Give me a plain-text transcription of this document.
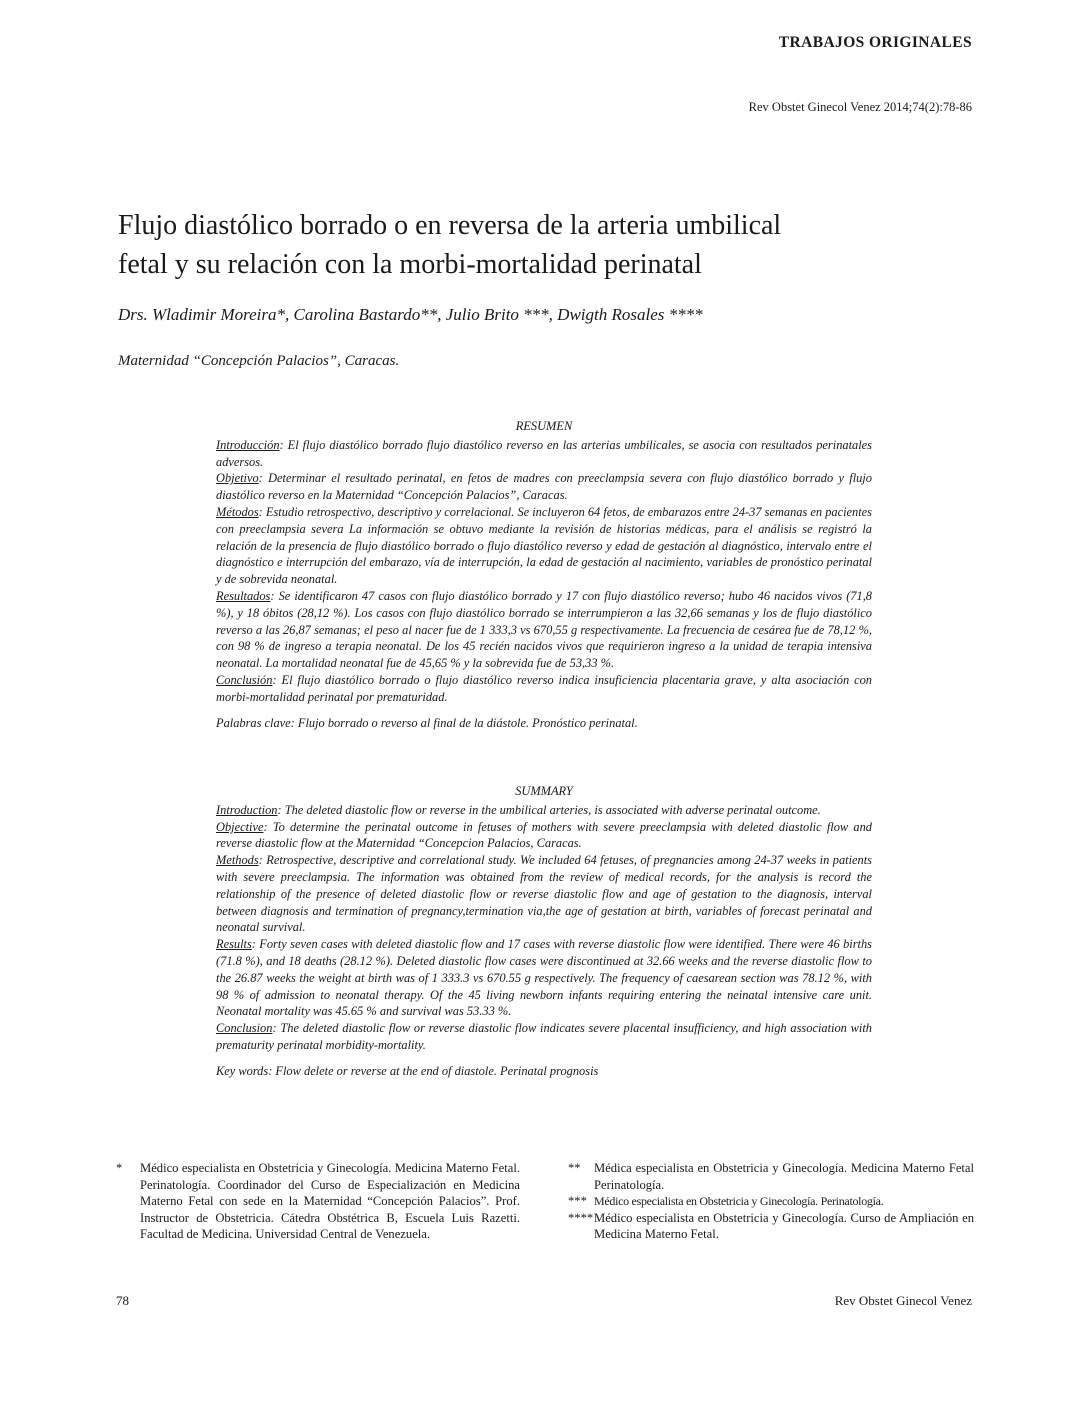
TRABAJOS ORIGINALES
Rev Obstet Ginecol Venez 2014;74(2):78-86
Flujo diastólico borrado o en reversa de la arteria umbilical
fetal y su relación con la morbi-mortalidad perinatal
Drs. Wladimir Moreira*, Carolina Bastardo**, Julio Brito ***, Dwigth Rosales ****
Maternidad “Concepción Palacios”, Caracas.
RESUMEN

Introducción: El flujo diastólico borrado flujo diastólico reverso en las arterias umbilicales, se asocia con resultados perinatales adversos.

Objetivo: Determinar el resultado perinatal, en fetos de madres con preeclampsia severa con flujo diastólico borrado y flujo diastólico reverso en la Maternidad “Concepción Palacios”, Caracas.

Métodos: Estudio retrospectivo, descriptivo y correlacional. Se incluyeron 64 fetos, de embarazos entre 24-37 semanas en pacientes con preeclampsia severa La información se obtuvo mediante la revisión de historias médicas, para el análisis se registró la relación de la presencia de flujo diastólico borrado o flujo diastólico reverso y edad de gestación al diagnóstico, intervalo entre el diagnóstico e interrupción del embarazo, vía de interrupción, la edad de gestación al nacimiento, variables de pronóstico perinatal y de sobrevida neonatal.

Resultados: Se identificaron 47 casos con flujo diastólico borrado y 17 con flujo diastólico reverso; hubo 46 nacidos vivos (71,8 %), y 18 óbitos (28,12 %). Los casos con flujo diastólico borrado se interrumpieron a las 32,66 semanas y los de flujo diastólico reverso a las 26,87 semanas; el peso al nacer fue de 1 333,3 vs 670,55 g respectivamente. La frecuencia de cesárea fue de 78,12 %, con 98 % de ingreso a terapia neonatal. De los 45 recién nacidos vivos que requirieron ingreso a la unidad de terapia intensiva neonatal. La mortalidad neonatal fue de 45,65 % y la sobrevida fue de 53,33 %.

Conclusión: El flujo diastólico borrado o flujo diastólico reverso indica insuficiencia placentaria grave, y alta asociación con morbi-mortalidad perinatal por prematuridad.

Palabras clave: Flujo borrado o reverso al final de la diástole. Pronóstico perinatal.

SUMMARY

Introduction: The deleted diastolic flow or reverse in the umbilical arteries, is associated with adverse perinatal outcome.

Objective: To determine the perinatal outcome in fetuses of mothers with severe preeclampsia with deleted diastolic flow and reverse diastolic flow at the Maternidad “Concepcion Palacios, Caracas.

Methods: Retrospective, descriptive and correlational study. We included 64 fetuses, of pregnancies among 24-37 weeks in patients with severe preeclampsia. The information was obtained from the review of medical records, for the analysis is record the relationship of the presence of deleted diastolic flow or reverse diastolic flow and age of gestation to the diagnosis, interval between diagnosis and termination of pregnancy,termination via,the age of gestation at birth, variables of forecast perinatal and neonatal survival.

Results: Forty seven cases with deleted diastolic flow and 17 cases with reverse diastolic flow were identified. There were 46 births (71.8 %), and 18 deaths (28.12 %). Deleted diastolic flow cases were discontinued at 32.66 weeks and the reverse diastolic flow to the 26.87 weeks the weight at birth was of 1 333.3 vs 670.55 g respectively. The frequency of caesarean section was 78.12 %, with 98 % of admission to neonatal therapy. Of the 45 living newborn infants requiring entering the neinatal intensive care unit. Neonatal mortality was 45.65 % and survival was 53.33 %.

Conclusion: The deleted diastolic flow or reverse diastolic flow indicates severe placental insufficiency, and high association with prematurity perinatal morbidity-mortality.

Key words: Flow delete or reverse at the end of diastole. Perinatal prognosis

*	Médico especialista en Obstetricia y Ginecología. Medicina Materno Fetal. Perinatología. Coordinador del Curso de Especialización en Medicina Materno Fetal con sede en la Maternidad “Concepción Palacios”. Prof. Instructor de Obstetricia. Cátedra Obstétrica B, Escuela Luis Razetti. Facultad de Medicina. Universidad Central de Venezuela.
**	Médica especialista en Obstetricia y Ginecología. Medicina Materno Fetal Perinatología.
*** Médico especialista en Obstetricia y Ginecología. Perinatología.
**** Médico especialista en Obstetricia y Ginecología. Curso de Ampliación en Medicina Materno Fetal.
78	Rev Obstet Ginecol Venez
